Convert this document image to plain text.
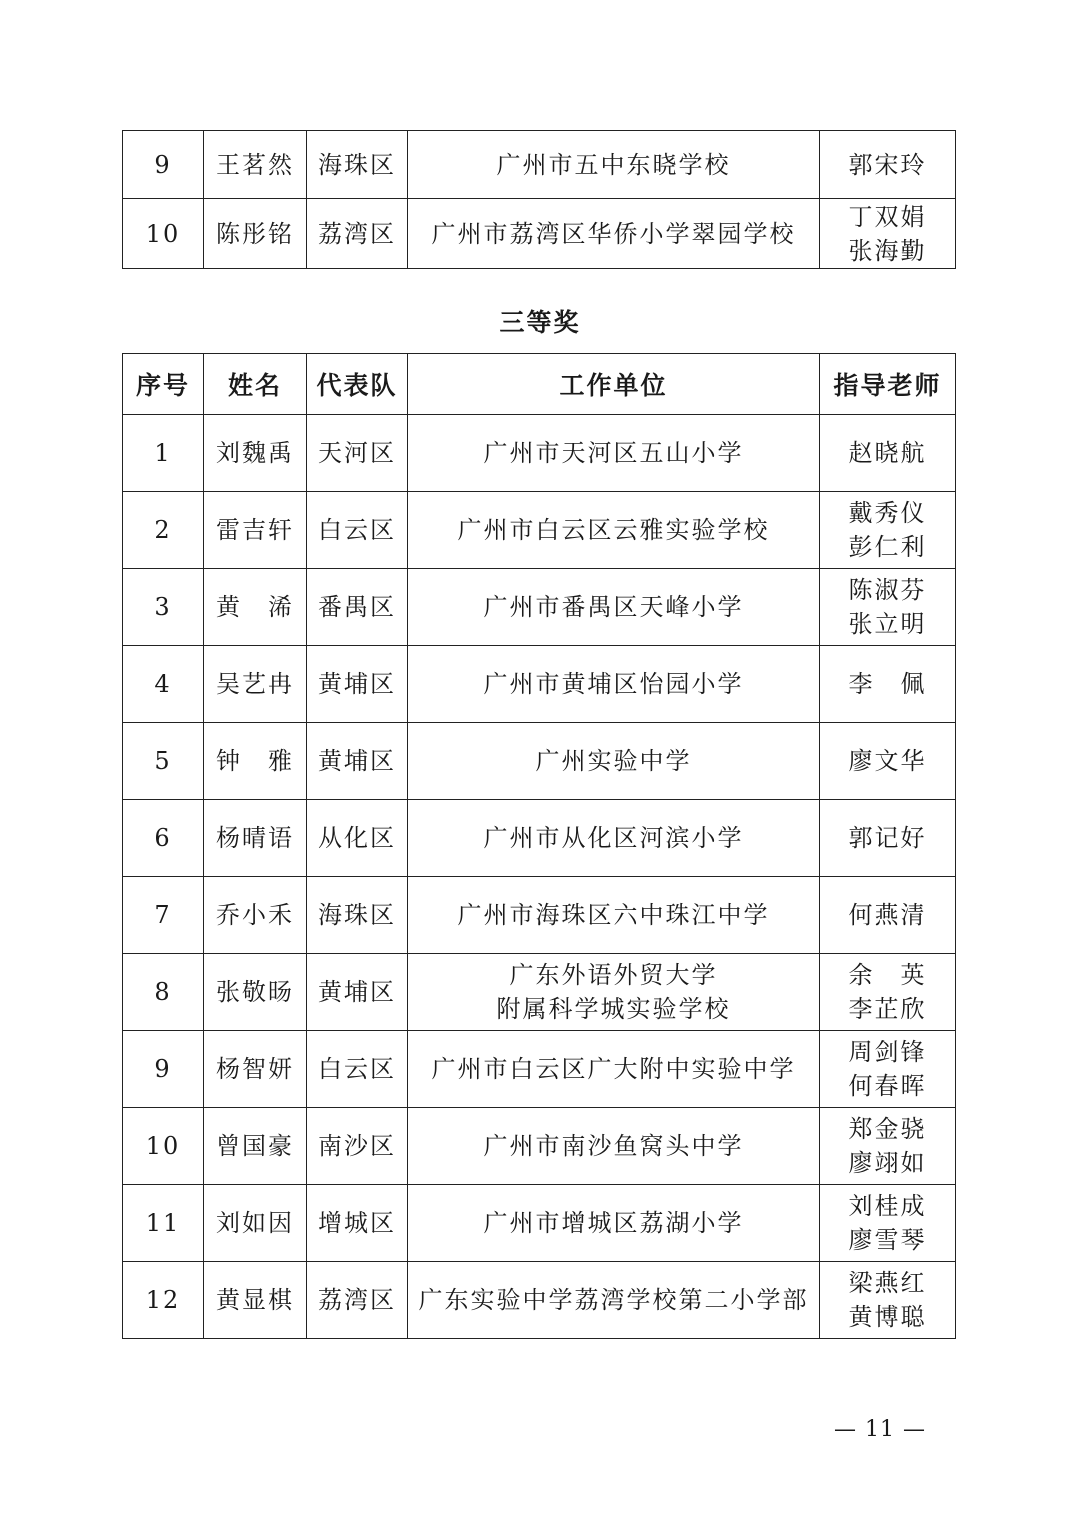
9	王茗然	海珠区	广州市五中东晓学校	郭宋玲

10	陈彤铭	荔湾区	广州市荔湾区华侨小学翠园学校	丁双娟
张海勤
三等奖
序号	姓名	代表队	工作单位	指导老师

1	刘魏禹	天河区	广州市天河区五山小学	赵晓航

2	雷吉轩	白云区	广州市白云区云雅实验学校	戴秀仪
彭仁利

3	黄　浠	番禺区	广州市番禺区天峰小学	陈淑芬
张立明

4	吴艺冉	黄埔区	广州市黄埔区怡园小学	李　佩

5	钟　雅	黄埔区	广州实验中学	廖文华

6	杨晴语	从化区	广州市从化区河滨小学	郭记好

7	乔小禾	海珠区	广州市海珠区六中珠江中学	何燕清

8	张敬旸	黄埔区	广东外语外贸大学
附属科学城实验学校	余　英
李芷欣

9	杨智妍	白云区	广州市白云区广大附中实验中学	周剑锋
何春晖

10	曾国豪	南沙区	广州市南沙鱼窝头中学	郑金骁
廖翊如

11	刘如因	增城区	广州市增城区荔湖小学	刘桂成
廖雪琴

12	黄显棋	荔湾区	广东实验中学荔湾学校第二小学部	梁燕红
黄博聪
— 11 —
